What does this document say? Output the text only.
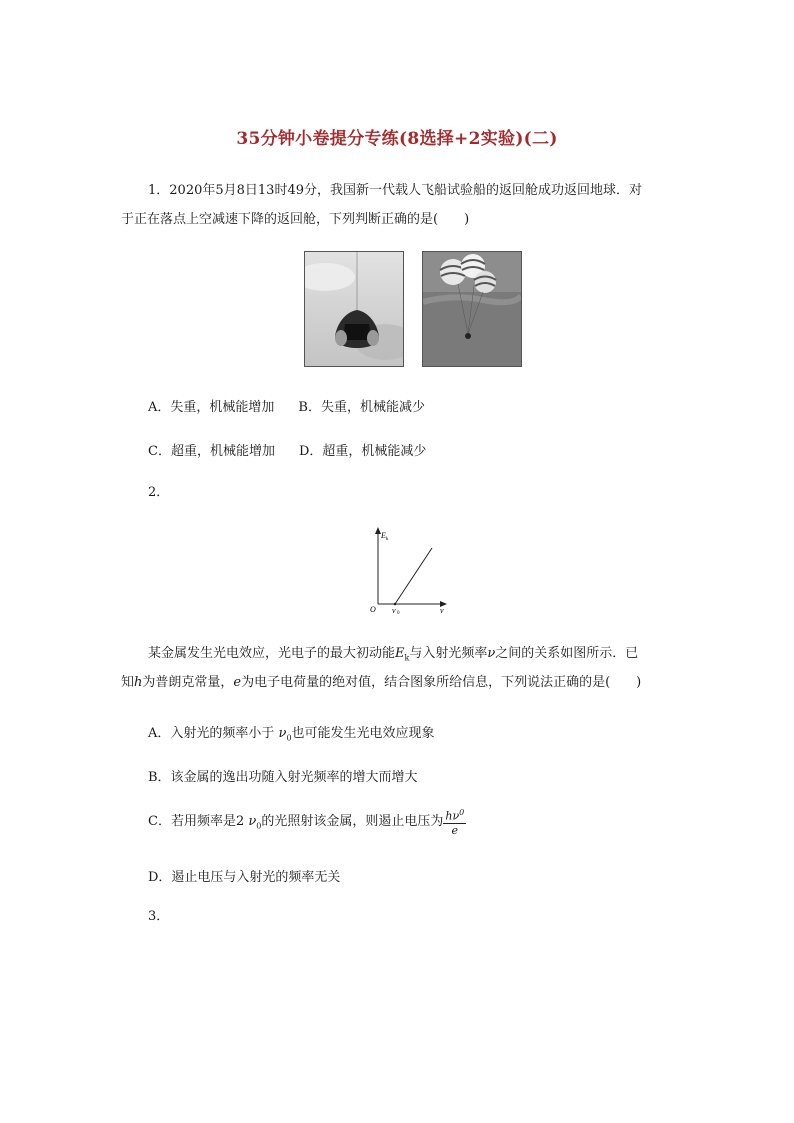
35分钟小卷提分专练(8选择+2实验)(二)
1．2020年5月8日13时49分，我国新一代载人飞船试验船的返回舱成功返回地球．对
于正在落点上空减速下降的返回舱，下列判断正确的是(　　)
A．失重，机械能增加 B．失重，机械能减少
C．超重，机械能增加 D．超重，机械能减少
2．
E k
O ν 0	ν
某金属发生光电效应，光电子的最大初动能$E_k$与入射光频率ν之间的关系如图所示．已
知h为普朗克常量，e为电子电荷量的绝对值，结合图象所给信息，下列说法正确的是(　　)
A．入射光的频率小于 $\nu_0$也可能发生光电效应现象
B．该金属的逸出功随入射光频率的增大而增大
C．若用频率是2 $\nu_0$的光照射该金属，则遏止电压为 $\frac{h\nu^0}{e}$
D．遏止电压与入射光的频率无关
3．
